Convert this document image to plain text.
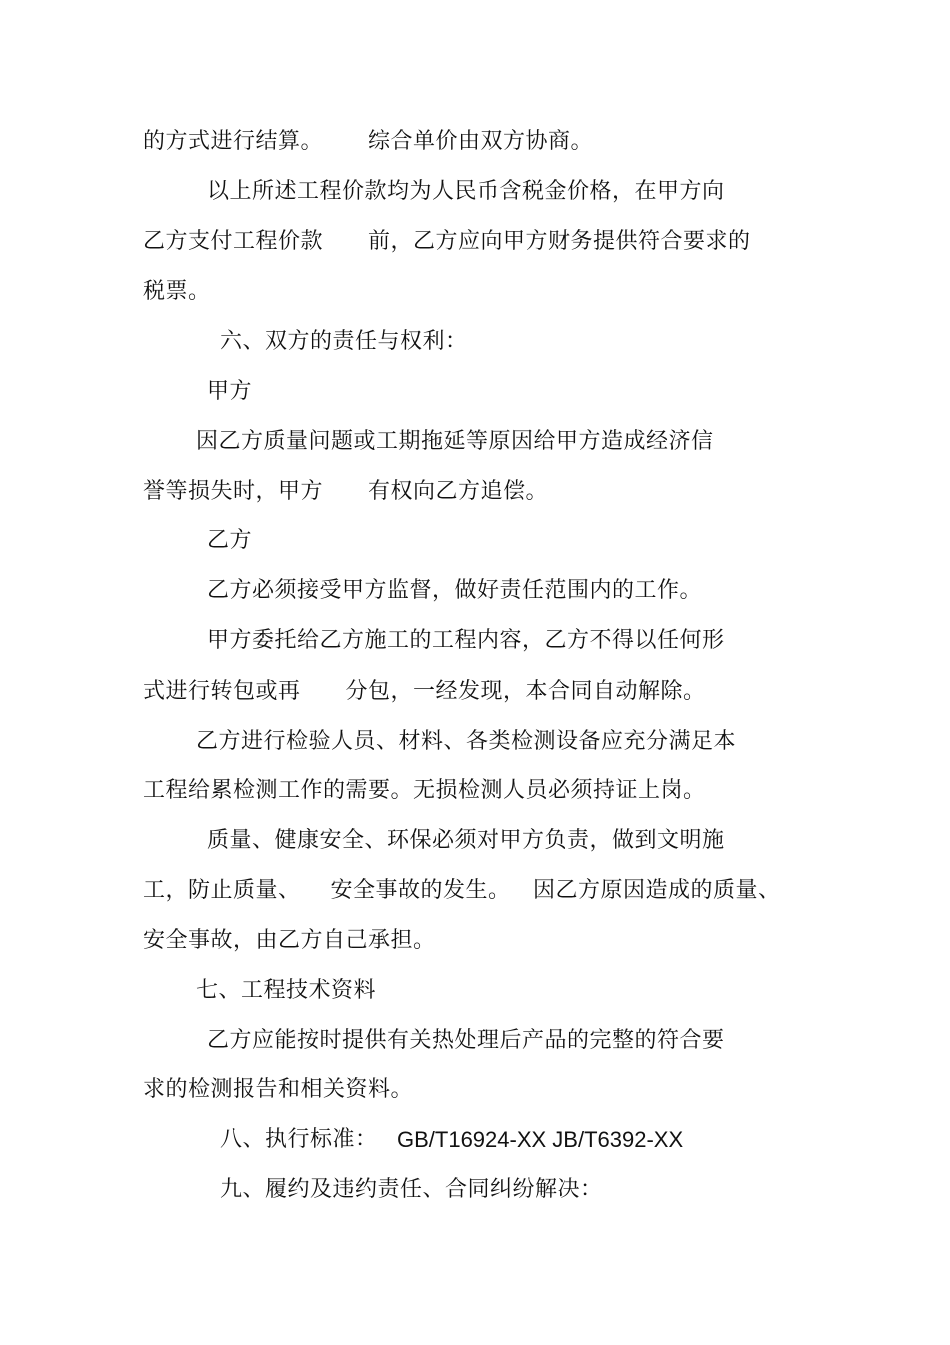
的方式进行结算。      综合单价由双方协商。
以上所述工程价款均为人民币含税金价格，在甲方向
乙方支付工程价款      前，乙方应向甲方财务提供符合要求的
税票。
六、双方的责任与权利：
甲方
因乙方质量问题或工期拖延等原因给甲方造成经济信
誉等损失时，甲方      有权向乙方追偿。
乙方
乙方必须接受甲方监督，做好责任范围内的工作。
甲方委托给乙方施工的工程内容，乙方不得以任何形
式进行转包或再      分包，一经发现，本合同自动解除。
乙方进行检验人员、材料、各类检测设备应充分满足本
工程给累检测工作的需要。无损检测人员必须持证上岗。
质量、健康安全、环保必须对甲方负责，做到文明施
工，防止质量、    安全事故的发生。   因乙方原因造成的质量、
安全事故，由乙方自己承担。
七、工程技术资料
乙方应能按时提供有关热处理后产品的完整的符合要
求的检测报告和相关资料。
八、执行标准：
GB/T16924-XX JB/T6392-XX
九、履约及违约责任、合同纠纷解决：
